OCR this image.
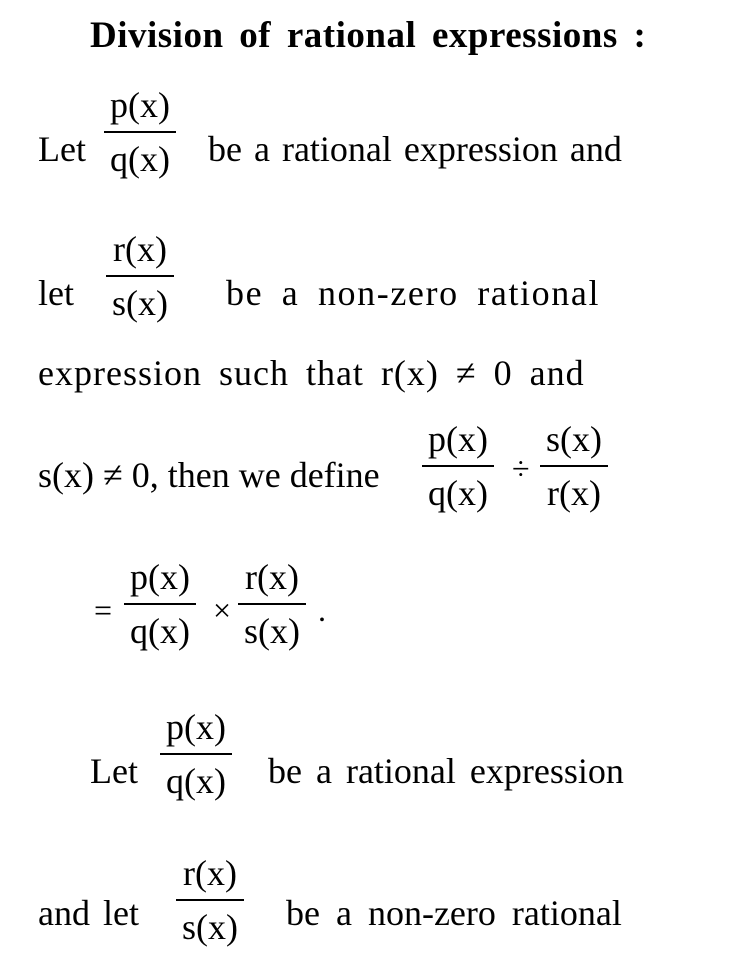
Division of rational expressions :
Let
p(x)
q(x) be a rational expression and
let
r(x)
s(x) be a non-zero rational
expression such that r(x) ≠ 0 and
s(x) ≠ 0, then we define
p(x)
q(x)
÷
s(x)
r(x)
=
p(x)
q(x)
×
r(x)
s(x)
.
Let
p(x)
q(x) be a rational expression
and let
r(x)
s(x) be a non-zero rational
